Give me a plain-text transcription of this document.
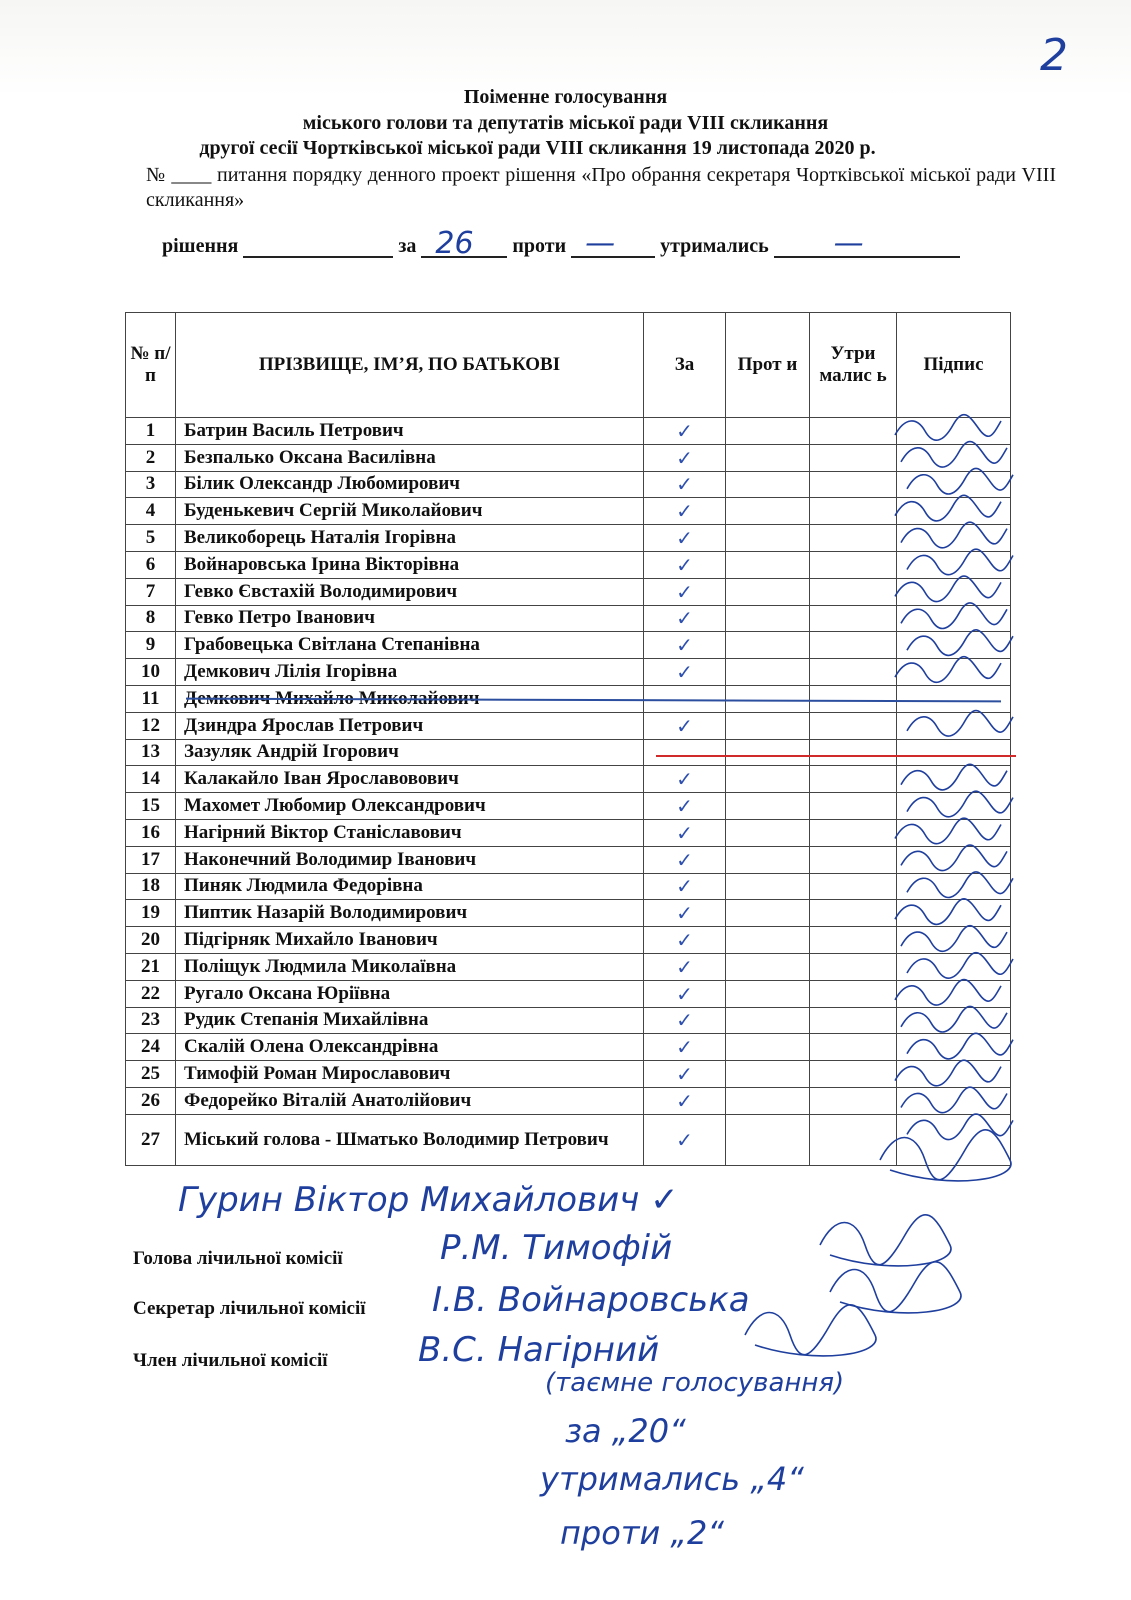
2
Поіменне голосування
міського голови та депутатів міської ради VIII скликання
другої сесії Чортківської міської ради VIII скликання 19 листопада 2020 р.
№ ____ питання порядку денного проект рішення «Про обрання секретаря Чортківської міської ради VIII скликання»
рішення	за 26 проти — утримались —
№ п/п	ПРІЗВИЩЕ, ІМ’Я, ПО БАТЬКОВІ	За	Прот и	Утри малис ь	Підпис
1	Батрин Василь Петрович	✓			
2	Безпалько Оксана Василівна	✓			
3	Білик Олександр Любомирович	✓			
4	Буденькевич Сергій Миколайович	✓			
5	Великоборець Наталія Ігорівна	✓			
6	Войнаровська Ірина Вікторівна	✓			
7	Гевко Євстахій Володимирович	✓			
8	Гевко Петро Іванович	✓			
9	Грабовецька Світлана Степанівна	✓			
10	Демкович Лілія Ігорівна	✓			
11	Демкович Михайло Миколайович				
12	Дзиндра Ярослав Петрович	✓			
13	Зазуляк Андрій Ігорович				
14	Калакайло Іван Ярославовович	✓			
15	Махомет Любомир Олександрович	✓			
16	Нагірний Віктор Станіславович	✓			
17	Наконечний Володимир Іванович	✓			
18	Пиняк Людмила Федорівна	✓			
19	Пиптик Назарій Володимирович	✓			
20	Підгірняк Михайло Іванович	✓			
21	Поліщук Людмила Миколаївна	✓			
22	Ругало Оксана Юріївна	✓			
23	Рудик Степанія Михайлівна	✓			
24	Скалій Олена Олександрівна	✓			
25	Тимофій Роман Мирославович	✓			
26	Федорейко Віталій Анатолійович	✓			
27	Міський голова - Шматько Володимир Петрович	✓			
Гурин Віктор Михайлович ✓
Голова лічильної комісії
Секретар лічильної комісії
Член лічильної комісії
Р.М. Тимофій
І.В. Войнаровська
В.С. Нагірний
(таємне голосування)
за „20“
утримались „4“
проти „2“
